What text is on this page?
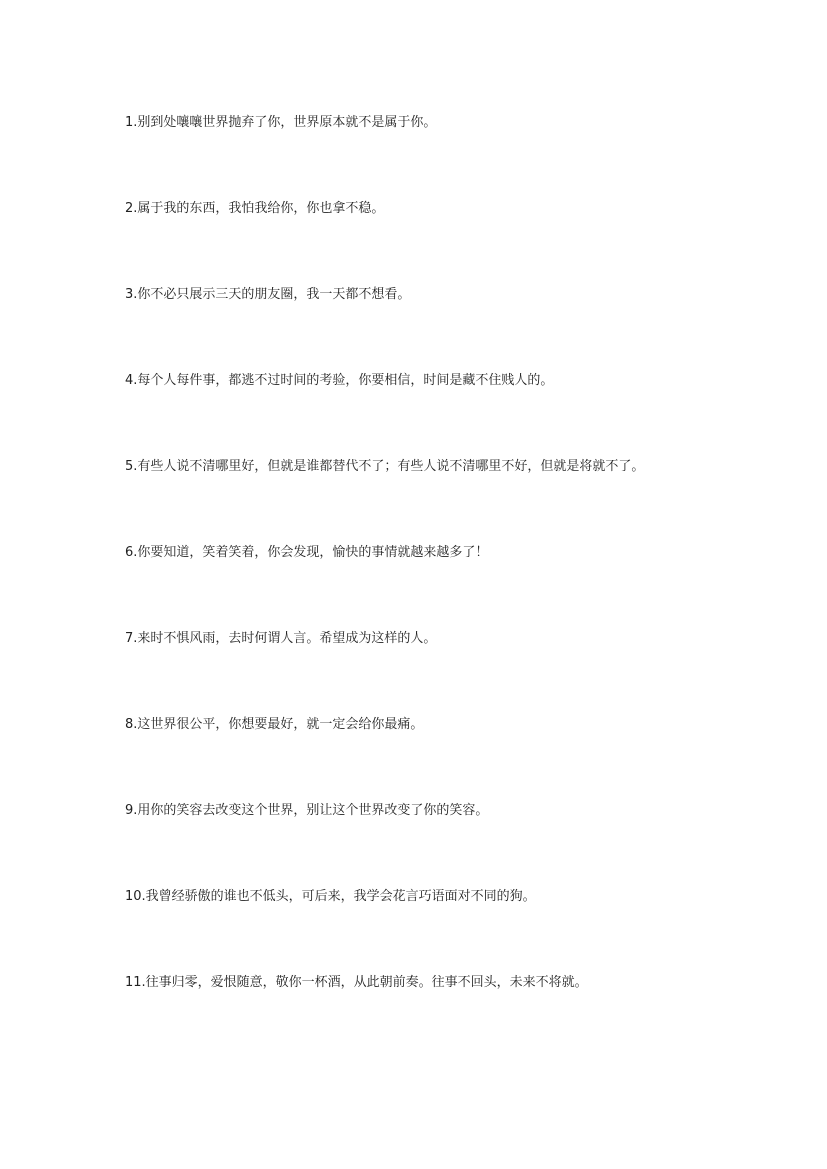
1.别到处嚷嚷世界抛弃了你，世界原本就不是属于你。
2.属于我的东西，我怕我给你，你也拿不稳。
3.你不必只展示三天的朋友圈，我一天都不想看。
4.每个人每件事，都逃不过时间的考验，你要相信，时间是藏不住贱人的。
5.有些人说不清哪里好，但就是谁都替代不了；有些人说不清哪里不好，但就是将就不了。
6.你要知道，笑着笑着，你会发现，愉快的事情就越来越多了！
7.来时不惧风雨，去时何谓人言。希望成为这样的人。
8.这世界很公平，你想要最好，就一定会给你最痛。
9.用你的笑容去改变这个世界，别让这个世界改变了你的笑容。
10.我曾经骄傲的谁也不低头，可后来，我学会花言巧语面对不同的狗。
11.往事归零，爱恨随意，敬你一杯酒，从此朝前奏。往事不回头，未来不将就。
